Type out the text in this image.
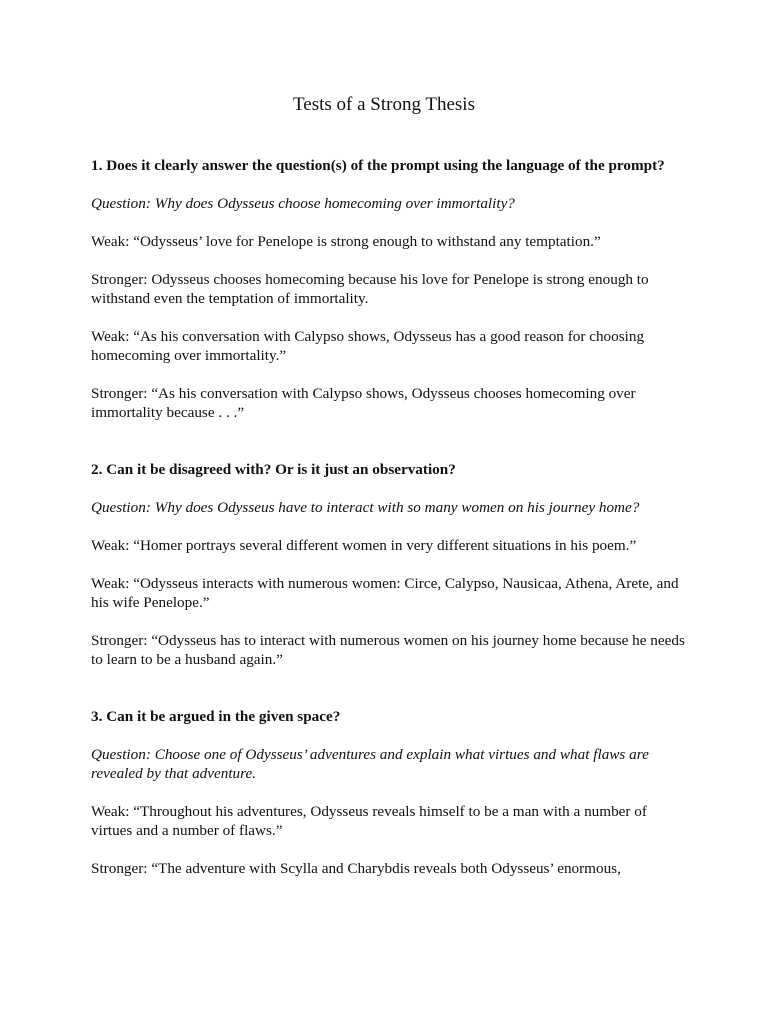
Tests of a Strong Thesis

1. Does it clearly answer the question(s) of the prompt using the language of the prompt?

Question: Why does Odysseus choose homecoming over immortality?

Weak: “Odysseus’ love for Penelope is strong enough to withstand any temptation.”

Stronger: Odysseus chooses homecoming because his love for Penelope is strong enough to withstand even the temptation of immortality.

Weak: “As his conversation with Calypso shows, Odysseus has a good reason for choosing homecoming over immortality.”

Stronger: “As his conversation with Calypso shows, Odysseus chooses homecoming over immortality because . . .”

2. Can it be disagreed with? Or is it just an observation?

Question: Why does Odysseus have to interact with so many women on his journey home?

Weak: “Homer portrays several different women in very different situations in his poem.”

Weak: “Odysseus interacts with numerous women: Circe, Calypso, Nausicaa, Athena, Arete, and his wife Penelope.”

Stronger: “Odysseus has to interact with numerous women on his journey home because he needs to learn to be a husband again.”

3. Can it be argued in the given space?

Question: Choose one of Odysseus’ adventures and explain what virtues and what flaws are revealed by that adventure.

Weak: “Throughout his adventures, Odysseus reveals himself to be a man with a number of virtues and a number of flaws.”

Stronger: “The adventure with Scylla and Charybdis reveals both Odysseus’ enormous,
